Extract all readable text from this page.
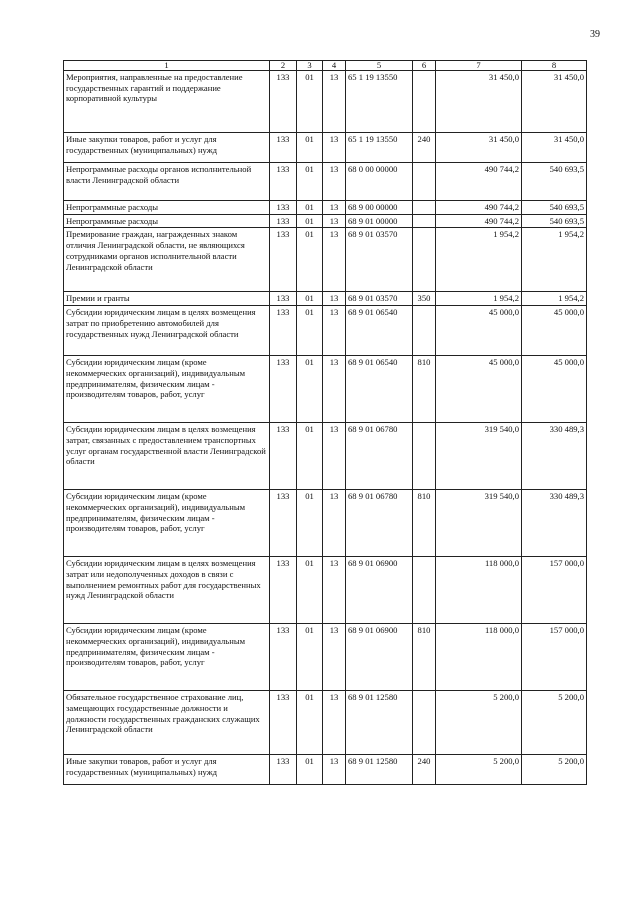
39
1	2	3	4	5	6	7	8
Мероприятия, направленные на предоставление государственных гарантий и поддержание корпоративной культуры	133	01	13	65 1 19 13550		31 450,0	31 450,0
Иные закупки товаров, работ и услуг для государственных (муниципальных) нужд	133	01	13	65 1 19 13550	240	31 450,0	31 450,0
Непрограммные расходы органов исполнительной власти Ленинградской области	133	01	13	68 0 00 00000		490 744,2	540 693,5
Непрограммные расходы	133	01	13	68 9 00 00000		490 744,2	540 693,5
Непрограммные расходы	133	01	13	68 9 01 00000		490 744,2	540 693,5
Премирование граждан, награжденных знаком отличия Ленинградской области, не являющихся сотрудниками органов исполнительной власти Ленинградской области	133	01	13	68 9 01 03570		1 954,2	1 954,2
Премии и гранты	133	01	13	68 9 01 03570	350	1 954,2	1 954,2
Субсидии юридическим лицам в целях возмещения затрат по приобретению автомобилей для государственных нужд Ленинградской области	133	01	13	68 9 01 06540		45 000,0	45 000,0
Субсидии юридическим лицам (кроме некоммерческих организаций), индивидуальным предпринимателям, физическим лицам - производителям товаров, работ, услуг	133	01	13	68 9 01 06540	810	45 000,0	45 000,0
Субсидии юридическим лицам в целях возмещения затрат, связанных с предоставлением транспортных услуг органам государственной власти Ленинградской области	133	01	13	68 9 01 06780		319 540,0	330 489,3
Субсидии юридическим лицам (кроме некоммерческих организаций), индивидуальным предпринимателям, физическим лицам - производителям товаров, работ, услуг	133	01	13	68 9 01 06780	810	319 540,0	330 489,3
Субсидии юридическим лицам в целях возмещения затрат или недополученных доходов в связи с выполнением ремонтных работ для государственных нужд Ленинградской области	133	01	13	68 9 01 06900		118 000,0	157 000,0
Субсидии юридическим лицам (кроме некоммерческих организаций), индивидуальным предпринимателям, физическим лицам - производителям товаров, работ, услуг	133	01	13	68 9 01 06900	810	118 000,0	157 000,0
Обязательное государственное страхование лиц, замещающих государственные должности и должности государственных гражданских служащих Ленинградской области	133	01	13	68 9 01 12580		5 200,0	5 200,0
Иные закупки товаров, работ и услуг для государственных (муниципальных) нужд	133	01	13	68 9 01 12580	240	5 200,0	5 200,0
